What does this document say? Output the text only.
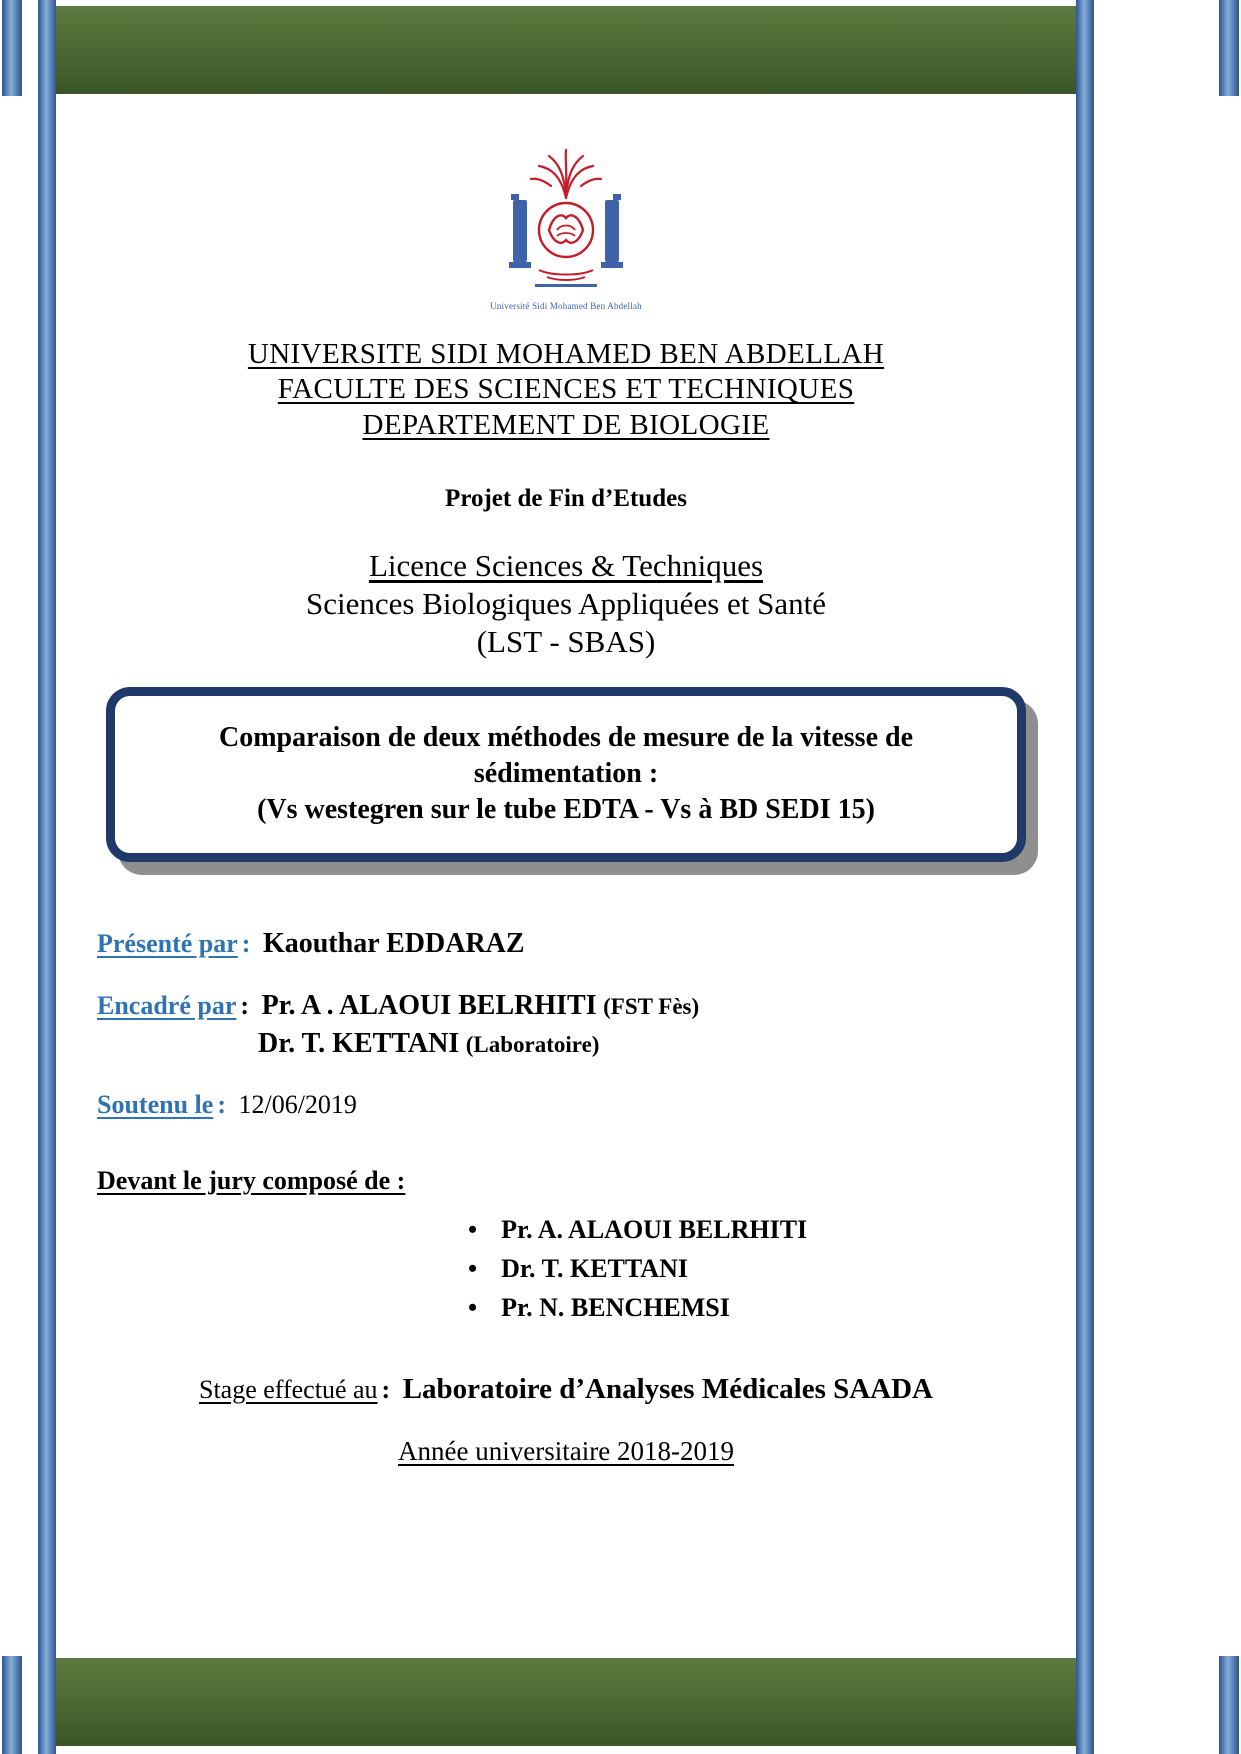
Université Sidi Mohamed Ben Abdellah
UNIVERSITE SIDI MOHAMED BEN ABDELLAH
FACULTE DES SCIENCES ET TECHNIQUES
DEPARTEMENT DE BIOLOGIE
Projet de Fin d’Etudes
Licence Sciences & Techniques
Sciences Biologiques Appliquées et Santé
(LST - SBAS)
Comparaison de deux méthodes de mesure de la vitesse de
sédimentation :
(Vs westegren sur le tube EDTA - Vs à BD SEDI 15)
Présenté par : Kaouthar EDDARAZ
Encadré par : Pr. A . ALAOUI BELRHITI (FST Fès)
Dr. T. KETTANI (Laboratoire)
Soutenu le : 12/06/2019
Devant le jury composé de :
• Pr. A. ALAOUI BELRHITI
• Dr. T. KETTANI
• Pr. N. BENCHEMSI
Stage effectué au : Laboratoire d’Analyses Médicales SAADA
Année universitaire 2018-2019
